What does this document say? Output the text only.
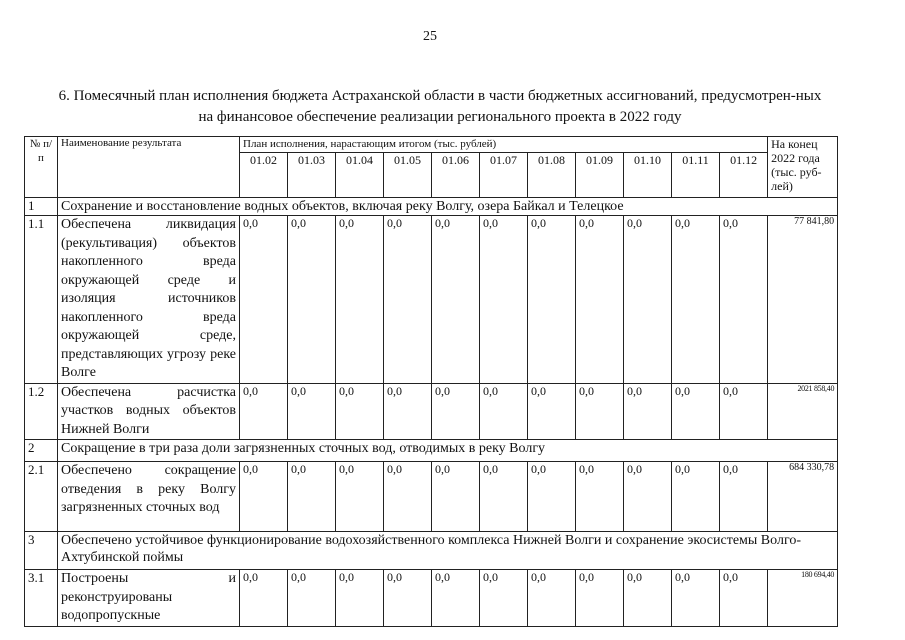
25
6. Помесячный план исполнения бюджета Астраханской области в части бюджетных ассигнований, предусмотрен-ных на финансовое обеспечение реализации регионального проекта в 2022 году
№ п/п	Наименование результата	План исполнения, нарастающим итогом (тыс. рублей)											На конец 2022 года (тыс. руб-лей)
		01.02	01.03	01.04	01.05	01.06	01.07	01.08	01.09	01.10	01.11	01.12	
1	Сохранение и восстановление водных объектов, включая реку Волгу, озера Байкал и Телецкое												
1.1	Обеспечена ликвидация (рекультивация) объектов накопленного вреда окружающей среде и изоляция источников накопленного вреда окружающей среде, представляющих угрозу реке Волге	0,0	0,0	0,0	0,0	0,0	0,0	0,0	0,0	0,0	0,0	0,0	77 841,80
1.2	Обеспечена расчистка участков водных объектов Нижней Волги	0,0	0,0	0,0	0,0	0,0	0,0	0,0	0,0	0,0	0,0	0,0	2021 858,40
2	Сокращение в три раза доли загрязненных сточных вод, отводимых в реку Волгу												
2.1	Обеспечено сокращение отведения в реку Волгу загрязненных сточных вод	0,0	0,0	0,0	0,0	0,0	0,0	0,0	0,0	0,0	0,0	0,0	684 330,78
3	Обеспечено устойчивое функционирование водохозяйственного комплекса Нижней Волги и сохранение экосистемы Волго-Ахтубинской поймы												
3.1	Построены и реконструированы водопропускные	0,0	0,0	0,0	0,0	0,0	0,0	0,0	0,0	0,0	0,0	0,0	180 694,40
